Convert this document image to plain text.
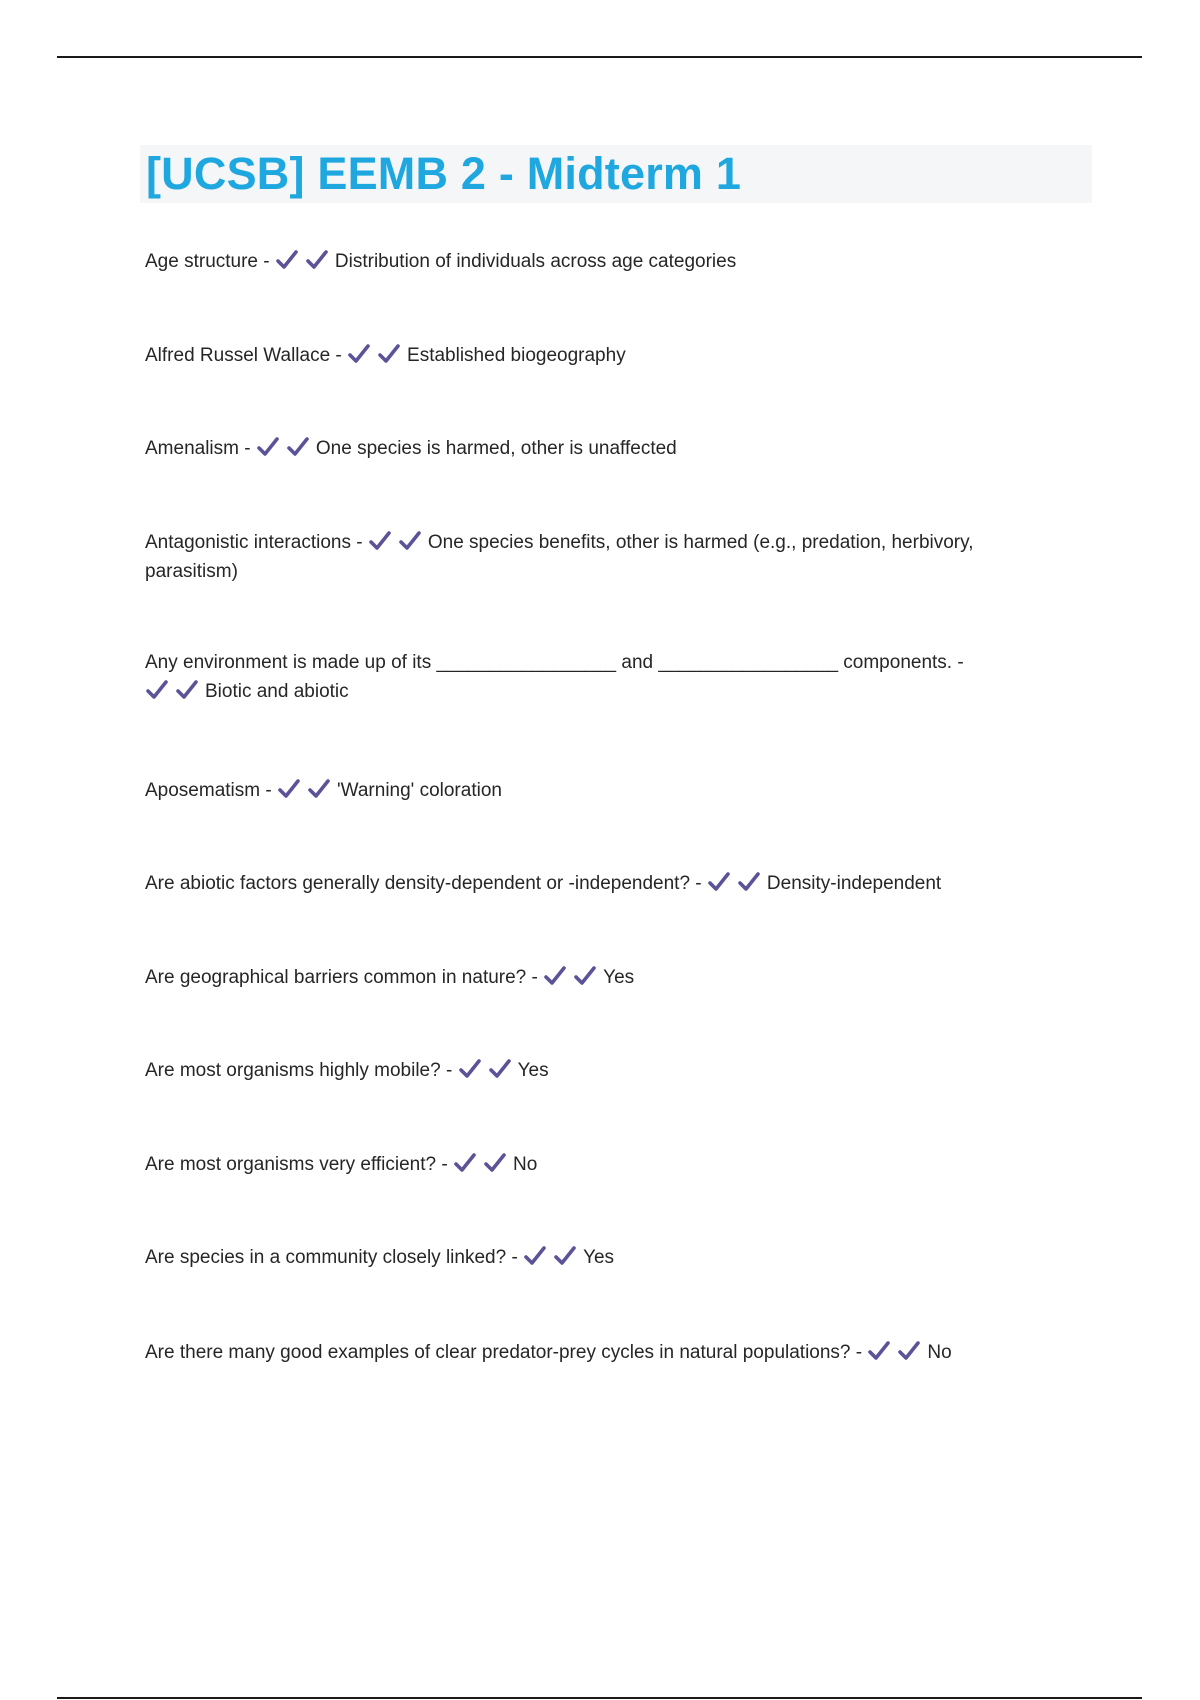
[UCSB] EEMB 2 - Midterm 1
Age structure -	Distribution of individuals across age categories
Alfred Russel Wallace -	Established biogeography
Amenalism -	One species is harmed, other is unaffected
Antagonistic interactions -	One species benefits, other is harmed (e.g., predation, herbivory, parasitism)
Any environment is made up of its _________________ and _________________ components. -

Biotic and abiotic
Aposematism -	'Warning' coloration
Are abiotic factors generally density-dependent or -independent? -	Density-independent
Are geographical barriers common in nature? -	Yes
Are most organisms highly mobile? -	Yes
Are most organisms very efficient? -	No
Are species in a community closely linked? -	Yes
Are there many good examples of clear predator-prey cycles in natural populations? -	No
